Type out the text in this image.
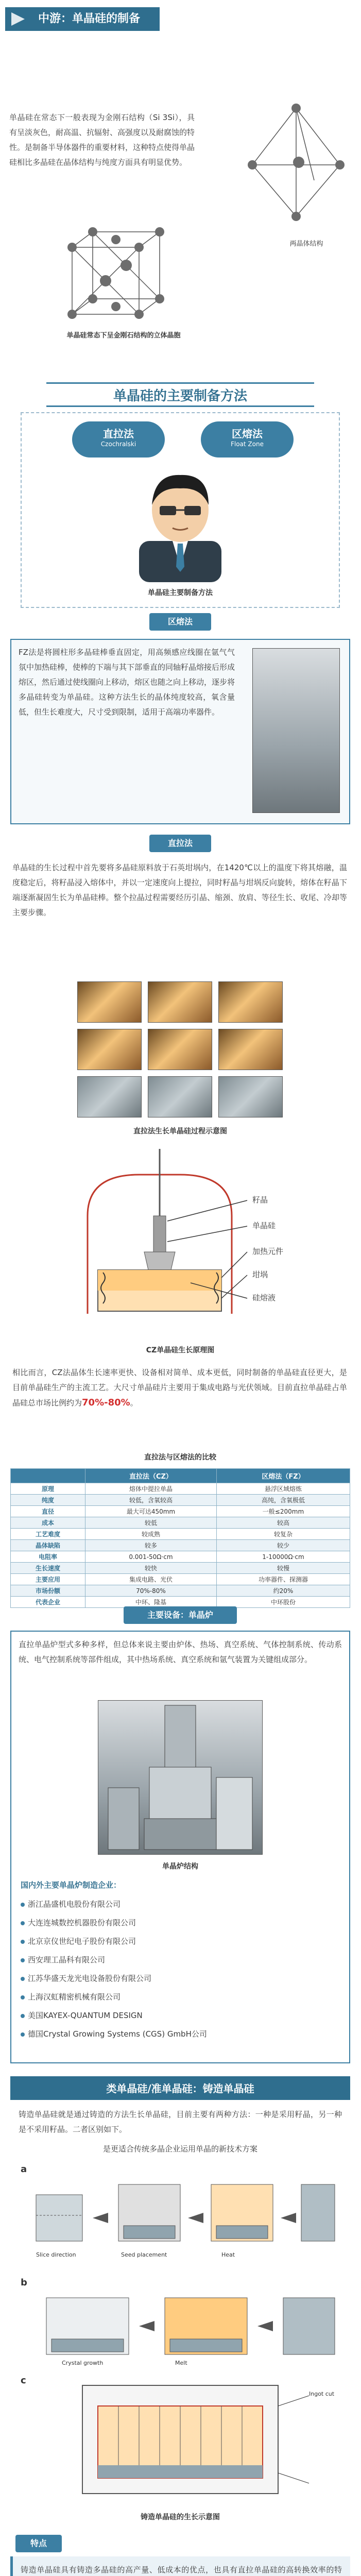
中游：单晶硅的制备
单晶硅在常态下一般表现为金刚石结构（Si 3Si），具有呈淡灰色，耐高温、抗辐射、高强度以及耐腐蚀的特性。是制备半导体器件的重要材料，这种特点使得单晶硅相比多晶硅在晶体结构与纯度方面具有明显优势。
单晶硅常态下呈金刚石结构的立体晶胞
两晶体结构
单晶硅的主要制备方法
直拉法
Czochralski
区熔法
Float Zone
单晶硅主要制备方法
区熔法
FZ法是将圆柱形多晶硅棒垂直固定，用高频感应线圈在氩气气氛中加热硅棒，使棒的下端与其下部垂直的同轴籽晶熔接后形成熔区，然后通过使线圈向上移动，熔区也随之向上移动，逐步将多晶硅转变为单晶硅。这种方法生长的晶体纯度较高，氧含量低，但生长难度大，尺寸受到限制，适用于高端功率器件。
直拉法
单晶硅的生长过程中首先要将多晶硅原料放于石英坩埚内，在1420℃以上的温度下将其熔融，温度稳定后，将籽晶浸入熔体中，并以一定速度向上提拉，同时籽晶与坩埚反向旋转，熔体在籽晶下端逐渐凝固生长为单晶硅棒。整个拉晶过程需要经历引晶、缩颈、放肩、等径生长、收尾、冷却等主要步骤。
直拉法生长单晶硅过程示意图
籽晶
单晶硅
加热元件
坩埚
硅熔液
CZ单晶硅生长原理图
相比而言，CZ法晶体生长速率更快、设备相对简单、成本更低，同时制备的单晶硅直径更大，是目前单晶硅生产的主流工艺。大尺寸单晶硅片主要用于集成电路与光伏领域。目前直拉单晶硅占单晶硅总市场比例约为70%-80%。
直拉法与区熔法的比较
	直拉法（CZ）	区熔法（FZ）
原理	熔体中提拉单晶	悬浮区域熔炼
纯度	较低，含氧较高	高纯，含氧极低
直径	最大可达450mm	一般≤200mm
成本	较低	较高
工艺难度	较成熟	较复杂
晶体缺陷	较多	较少
电阻率	0.001-50Ω·cm	1-10000Ω·cm
生长速度	较快	较慢
主要应用	集成电路、光伏	功率器件、探测器
市场份额	70%-80%	约20%
代表企业	中环、隆基	中环股份
主要设备：单晶炉
直拉单晶炉型式多种多样，但总体来说主要由炉体、热场、真空系统、气体控制系统、传动系统、电气控制系统等部件组成，其中热场系统、真空系统和氩气装置为关键组成部分。
单晶炉结构
国内外主要单晶炉制造企业：
浙江晶盛机电股份有限公司
大连连城数控机器股份有限公司
北京京仪世纪电子股份有限公司
西安理工晶科有限公司
江苏华盛天龙光电设备股份有限公司
上海汉虹精密机械有限公司
美国KAYEX-QUANTUM DESIGN
德国Crystal Growing Systems (CGS) GmbH公司
类单晶硅/准单晶硅：铸造单晶硅
铸造单晶硅就是通过铸造的方法生长单晶硅，目前主要有两种方法：一种是采用籽晶，另一种是不采用籽晶。二者区别如下。
是更适合传统多晶企业运用单晶的新技术方案
a
Slice direction	Seed placement	Heat
b
Melt
Crystal growth
c
Ingot cut
铸造单晶硅的生长示意图
特点
铸造单晶硅具有铸造多晶硅的高产量、低成本的优点，也具有直拉单晶硅的高转换效率的特
